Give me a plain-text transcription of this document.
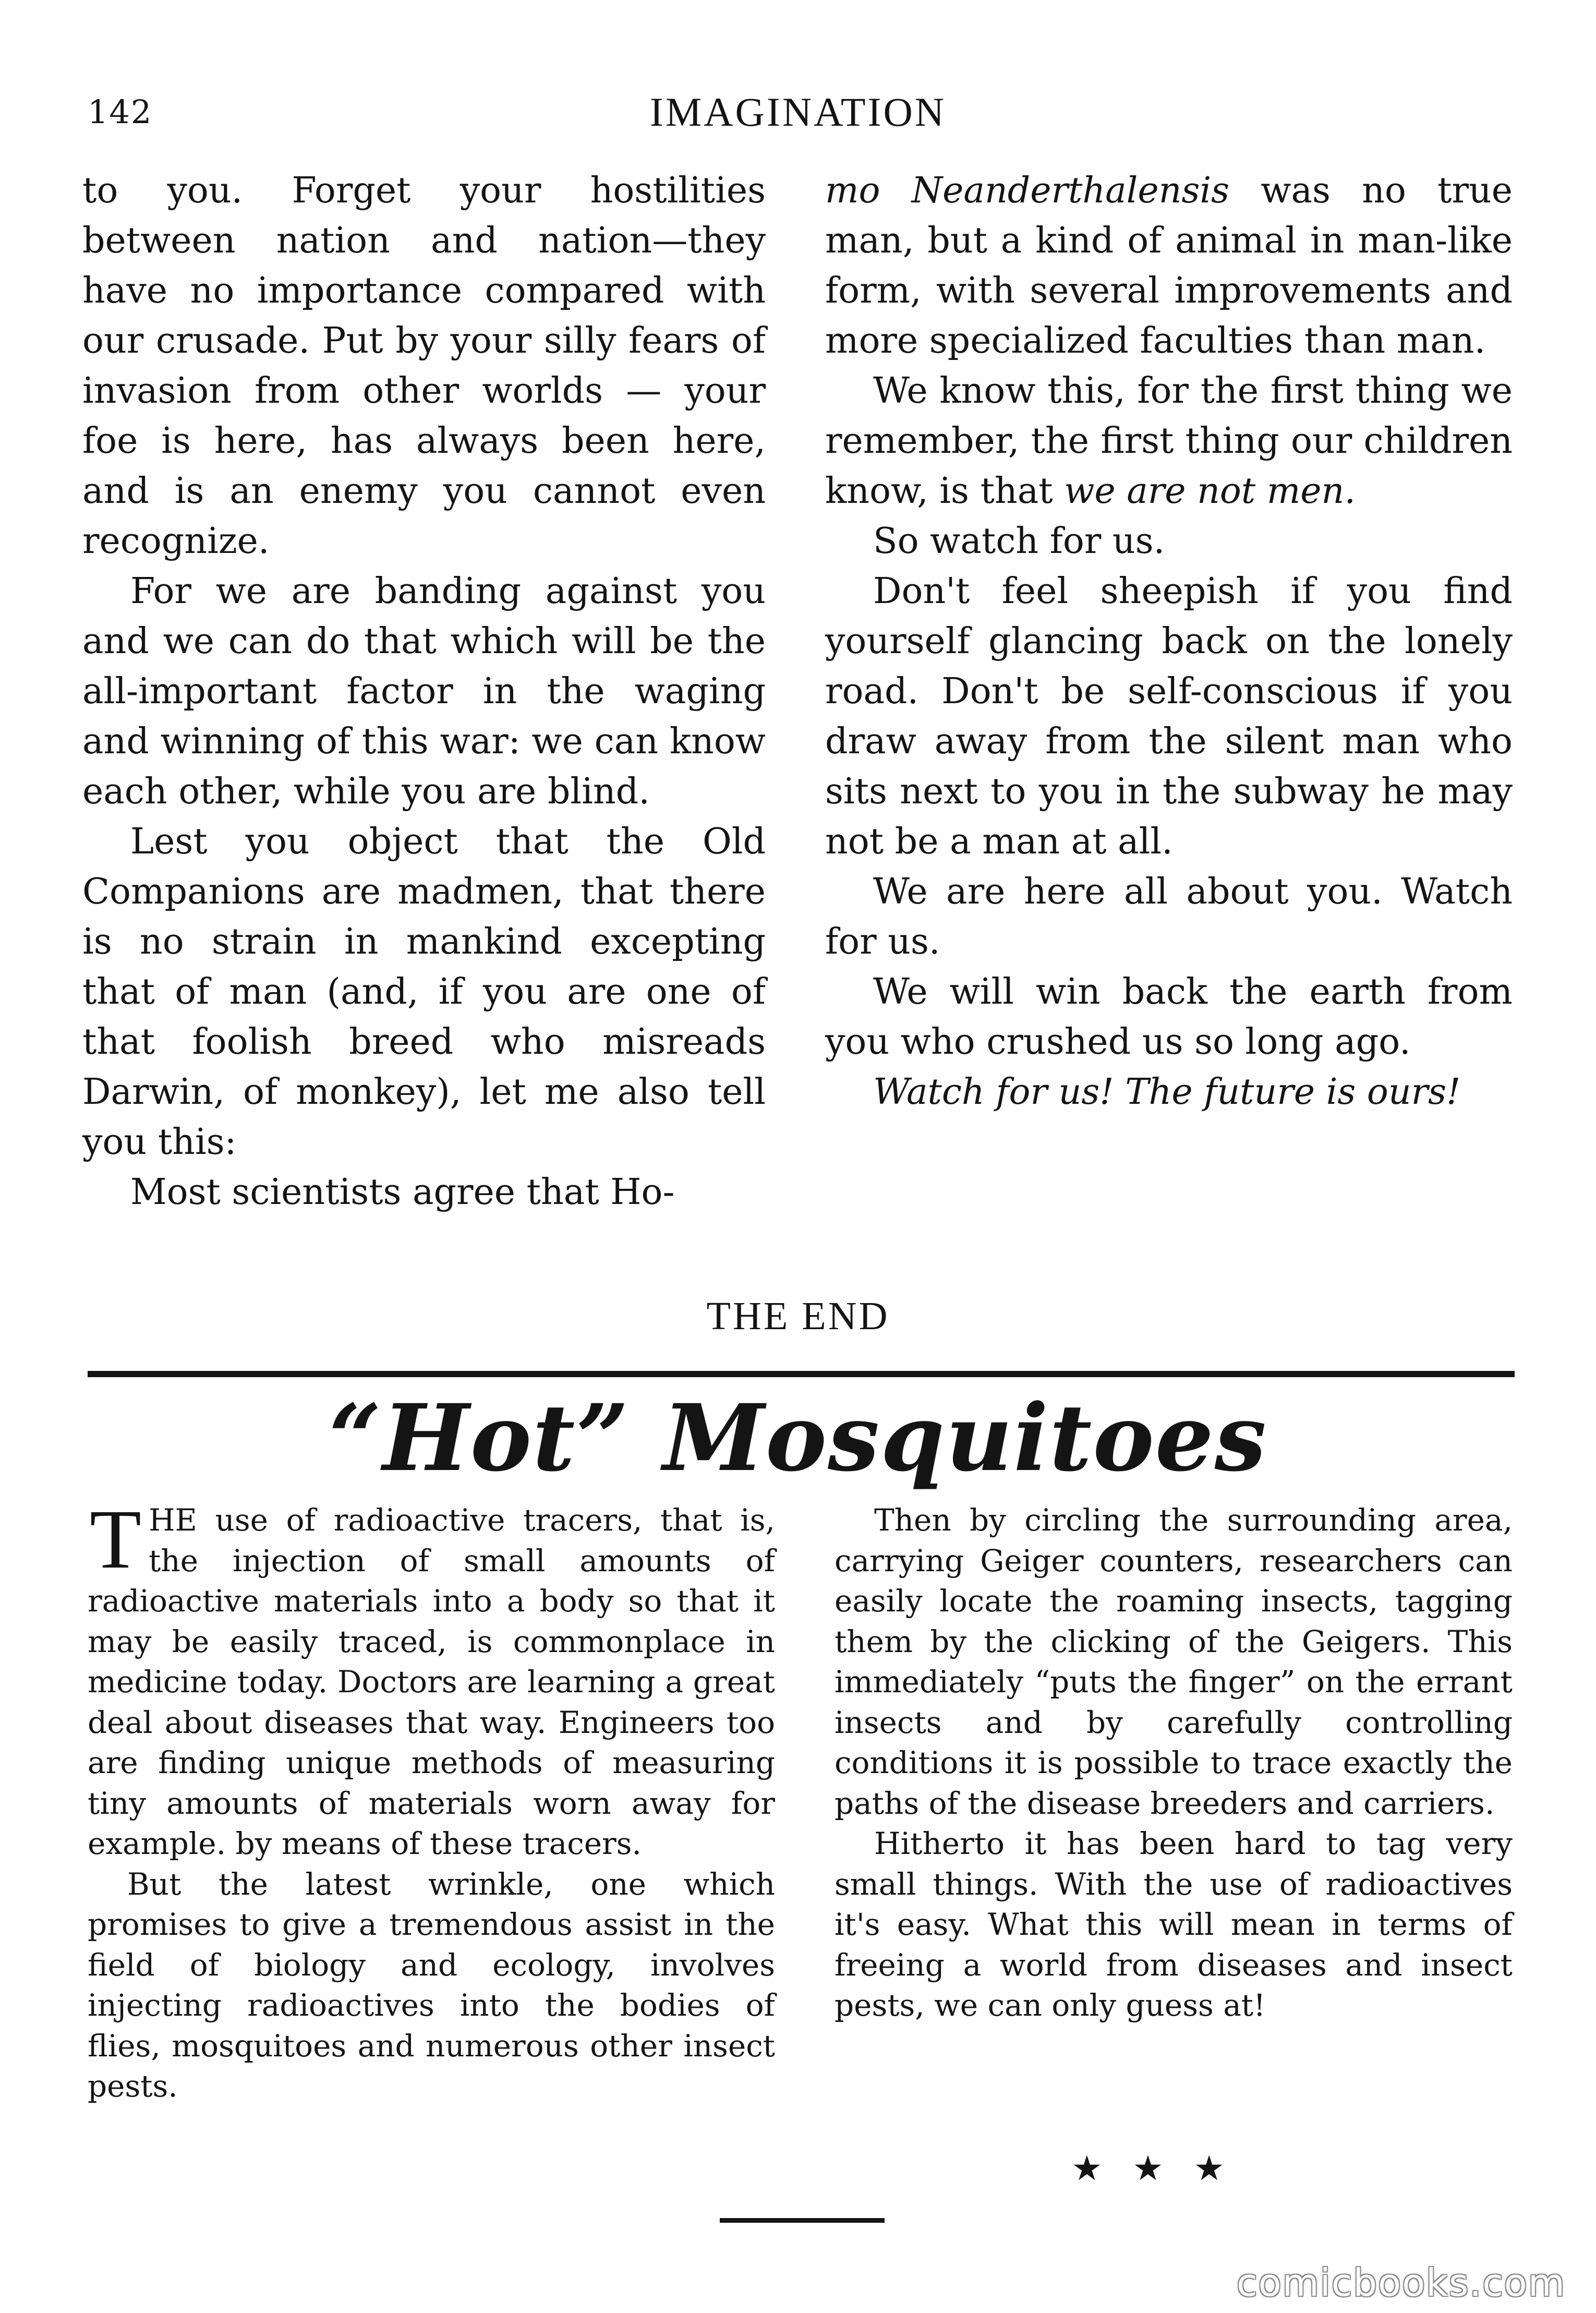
142	IMAGINATION

to you. Forget your hostilities between nation and nation—they have no importance compared with our crusade. Put by your silly fears of invasion from other worlds — your foe is here, has always been here, and is an enemy you cannot even recognize.

For we are banding against you and we can do that which will be the all-important factor in the waging and winning of this war: we can know each other, while you are blind.

Lest you object that the Old Companions are madmen, that there is no strain in mankind excepting that of man (and, if you are one of that foolish breed who misreads Darwin, of monkey), let me also tell you this:

Most scientists agree that Ho-

mo Neanderthalensis was no true man, but a kind of animal in man-like form, with several improvements and more specialized faculties than man.

We know this, for the first thing we remember, the first thing our children know, is that we are not men.

So watch for us.

Don't feel sheepish if you find yourself glancing back on the lonely road. Don't be self-conscious if you draw away from the silent man who sits next to you in the subway he may not be a man at all.

We are here all about you. Watch for us.

We will win back the earth from you who crushed us so long ago.

Watch for us! The future is ours!

THE END
“Hot” Mosquitoes

THE use of radioactive tracers, that is, the injection of small amounts of radioactive materials into a body so that it may be easily traced, is commonplace in medicine today. Doctors are learning a great deal about diseases that way. Engineers too are finding unique methods of measuring tiny amounts of materials worn away for example. by means of these tracers.

But the latest wrinkle, one which promises to give a tremendous assist in the field of biology and ecology, involves injecting radioactives into the bodies of flies, mosquitoes and numerous other insect pests.

Then by circling the surrounding area, carrying Geiger counters, researchers can easily locate the roaming insects, tagging them by the clicking of the Geigers. This immediately “puts the finger” on the errant insects and by carefully controlling conditions it is possible to trace exactly the paths of the disease breeders and carriers.

Hitherto it has been hard to tag very small things. With the use of radioactives it's easy. What this will mean in terms of freeing a world from diseases and insect pests, we can only guess at!

★★★
comicbooks.com
